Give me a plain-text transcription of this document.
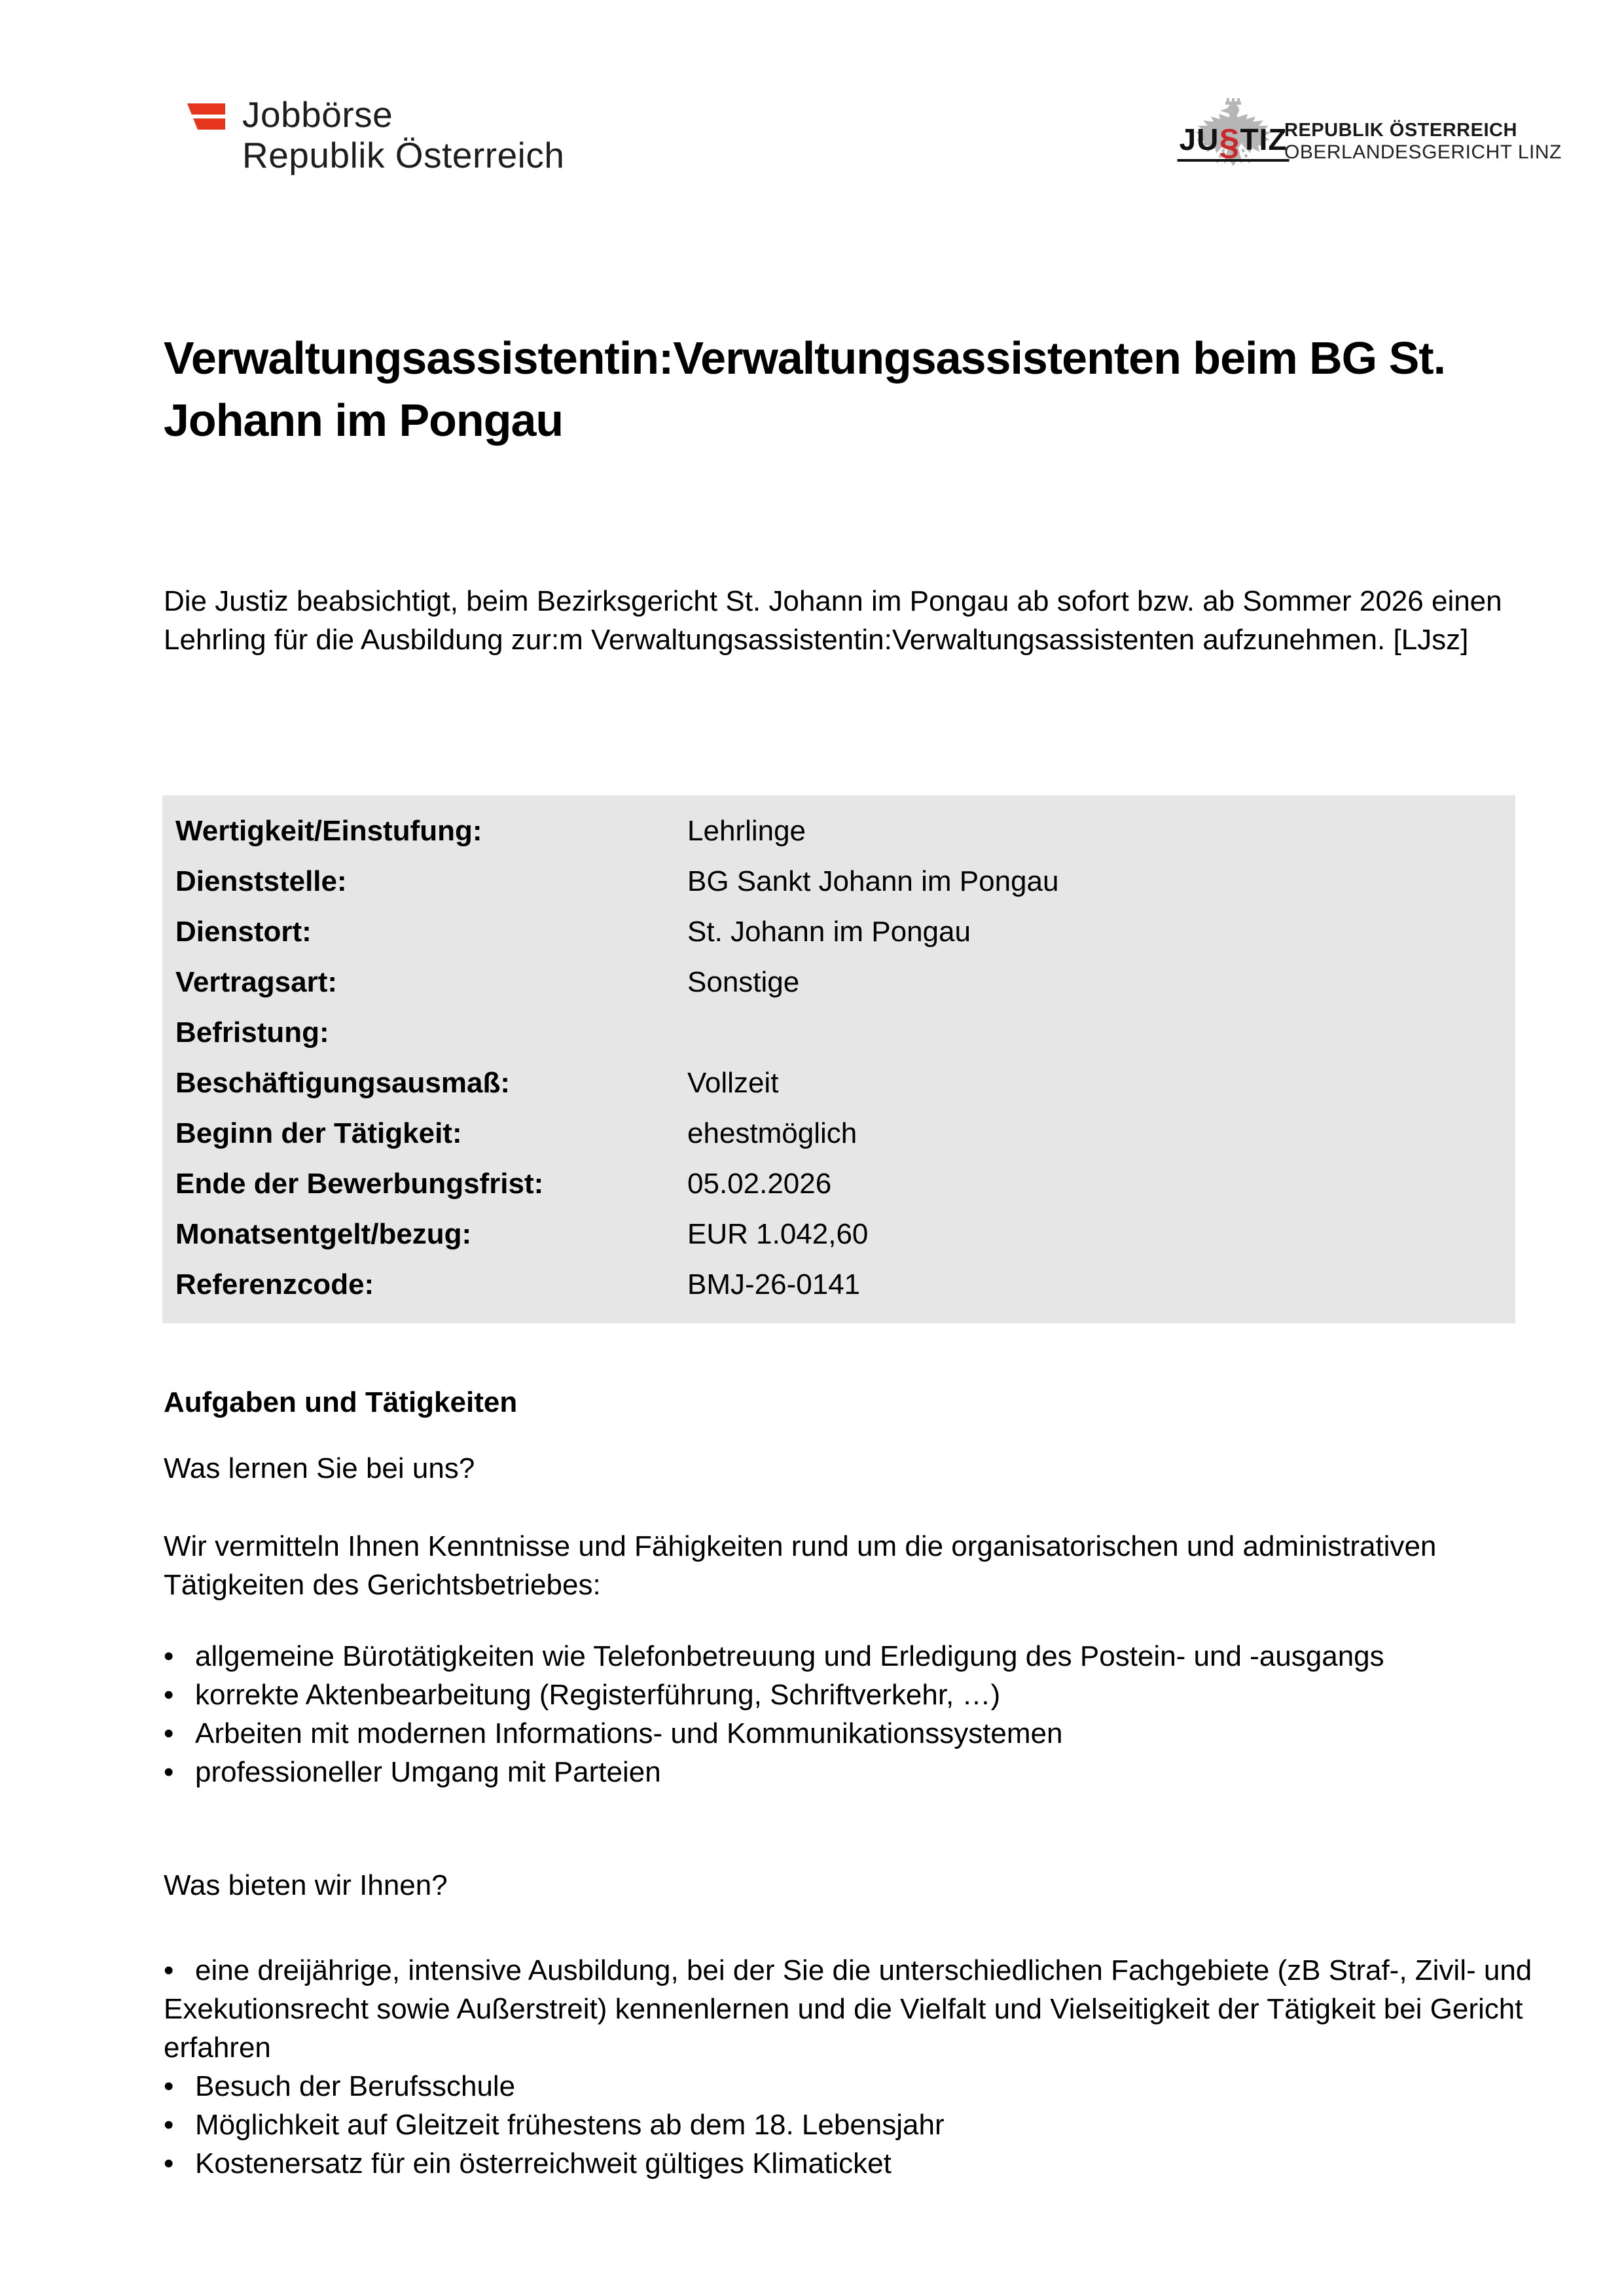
Jobbörse
Republik Österreich	JU§TIZ
REPUBLIK ÖSTERREICH
OBERLANDESGERICHT LINZ
Verwaltungsassistentin:Verwaltungsassistenten beim BG St. Johann im Pongau

Die Justiz beabsichtigt, beim Bezirksgericht St. Johann im Pongau ab sofort bzw. ab Sommer 2026 einen Lehrling für die Ausbildung zur:m Verwaltungsassistentin:Verwaltungsassistenten aufzunehmen. [LJsz]

Wertigkeit/Einstufung:	Lehrlinge
Dienststelle:	BG Sankt Johann im Pongau
Dienstort:	St. Johann im Pongau
Vertragsart:	Sonstige
Befristung:
Beschäftigungsausmaß:	Vollzeit
Beginn der Tätigkeit:	ehestmöglich
Ende der Bewerbungsfrist:	05.02.2026
Monatsentgelt/bezug:	EUR 1.042,60
Referenzcode:	BMJ-26-0141
Aufgaben und Tätigkeiten

Was lernen Sie bei uns?

Wir vermitteln Ihnen Kenntnisse und Fähigkeiten rund um die organisatorischen und administrativen Tätigkeiten des Gerichtsbetriebes:

• allgemeine Bürotätigkeiten wie Telefonbetreuung und Erledigung des Postein- und -ausgangs
• korrekte Aktenbearbeitung (Registerführung, Schriftverkehr, …)
• Arbeiten mit modernen Informations- und Kommunikationssystemen
• professioneller Umgang mit Parteien

Was bieten wir Ihnen?

• eine dreijährige, intensive Ausbildung, bei der Sie die unterschiedlichen Fachgebiete (zB Straf-, Zivil- und Exekutionsrecht sowie Außerstreit) kennenlernen und die Vielfalt und Vielseitigkeit der Tätigkeit bei Gericht erfahren
• Besuch der Berufsschule
• Möglichkeit auf Gleitzeit frühestens ab dem 18. Lebensjahr
• Kostenersatz für ein österreichweit gültiges Klimaticket
